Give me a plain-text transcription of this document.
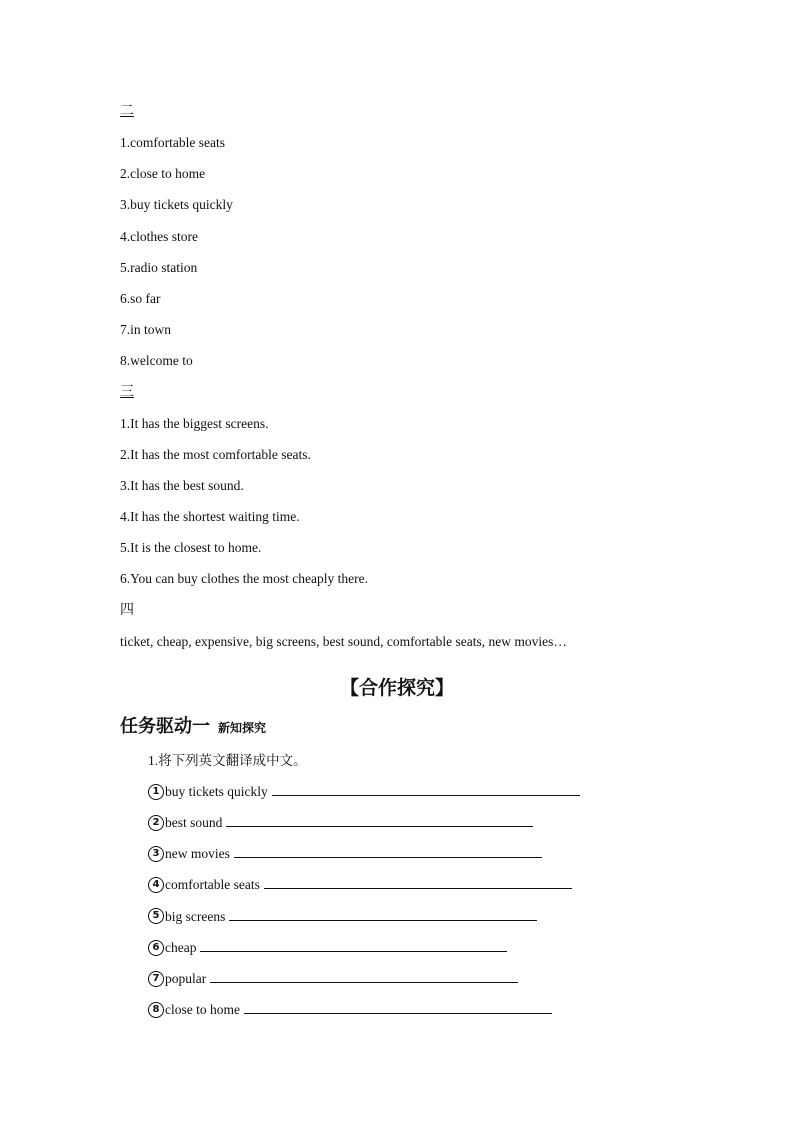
二
1.comfortable seats
2.close to home
3.buy tickets quickly
4.clothes store
5.radio station
6.so far
7.in town
8.welcome to
三
1.It has the biggest screens.
2.It has the most comfortable seats.
3.It has the best sound.
4.It has the shortest waiting time.
5.It is the closest to home.
6.You can buy clothes the most cheaply there.
四
ticket, cheap, expensive, big screens, best sound, comfortable seats, new movies…
【合作探究】
任务驱动一 新知探究
1.将下列英文翻译成中文。
1 buy tickets quickly
2 best sound
3 new movies
4 comfortable seats
5 big screens
6 cheap
7 popular
8 close to home
